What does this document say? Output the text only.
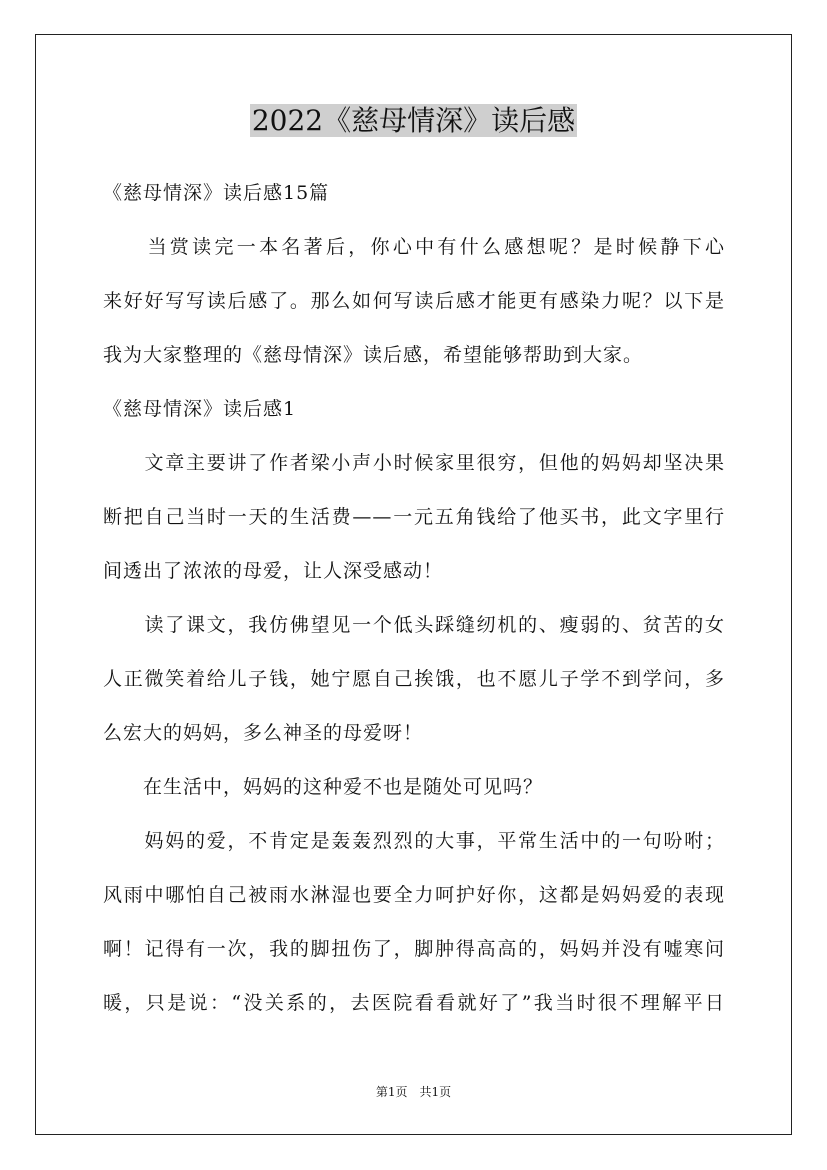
2022《慈母情深》读后感
《慈母情深》读后感15篇
　　当赏读完一本名著后，你心中有什么感想呢？是时候静下心
来好好写写读后感了。那么如何写读后感才能更有感染力呢？以下是
我为大家整理的《慈母情深》读后感，希望能够帮助到大家。
《慈母情深》读后感1
　　文章主要讲了作者梁小声小时候家里很穷，但他的妈妈却坚决果
断把自己当时一天的生活费——一元五角钱给了他买书，此文字里行
间透出了浓浓的母爱，让人深受感动！
　　读了课文，我仿佛望见一个低头踩缝纫机的、瘦弱的、贫苦的女
人正微笑着给儿子钱，她宁愿自己挨饿，也不愿儿子学不到学问，多
么宏大的妈妈，多么神圣的母爱呀！
　　在生活中，妈妈的这种爱不也是随处可见吗？
　　妈妈的爱，不肯定是轰轰烈烈的大事，平常生活中的一句吩咐；
风雨中哪怕自己被雨水淋湿也要全力呵护好你，这都是妈妈爱的表现
啊！记得有一次，我的脚扭伤了，脚肿得高高的，妈妈并没有嘘寒问
暖，只是说：“没关系的，去医院看看就好了”我当时很不理解平日
第1页　共1页
